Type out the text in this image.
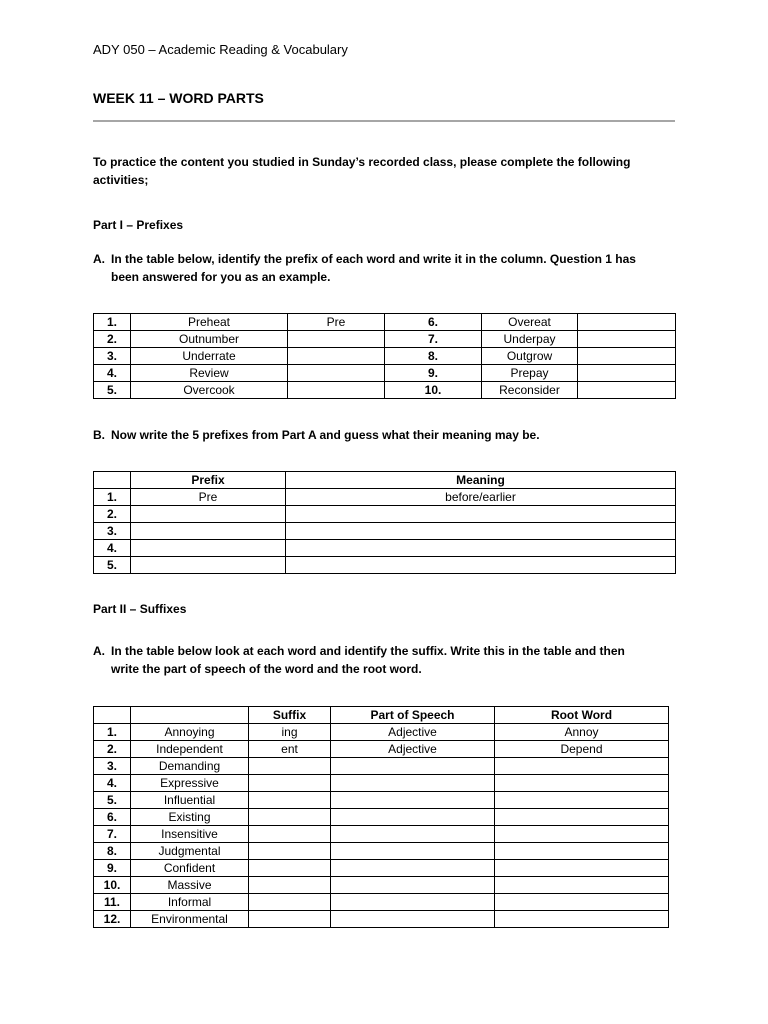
ADY 050 – Academic Reading & Vocabulary
WEEK 11 – WORD PARTS
To practice the content you studied in Sunday’s recorded class, please complete the following activities;
Part I – Prefixes
A. In the table below, identify the prefix of each word and write it in the column. Question 1 has
been answered for you as an example.
1.	Preheat	Pre	6.	Overeat	
2.	Outnumber		7.	Underpay	
3.	Underrate		8.	Outgrow	
4.	Review		9.	Prepay	
5.	Overcook		10.	Reconsider	
B. Now write the 5 prefixes from Part A and guess what their meaning may be.
	Prefix	Meaning
1.	Pre	before/earlier
2.		
3.		
4.		
5.		
Part II – Suffixes
A. In the table below look at each word and identify the suffix. Write this in the table and then
write the part of speech of the word and the root word.
		Suffix	Part of Speech	Root Word
1.	Annoying	ing	Adjective	Annoy
2.	Independent	ent	Adjective	Depend
3.	Demanding			
4.	Expressive			
5.	Influential			
6.	Existing			
7.	Insensitive			
8.	Judgmental			
9.	Confident			
10.	Massive			
11.	Informal			
12.	Environmental			
